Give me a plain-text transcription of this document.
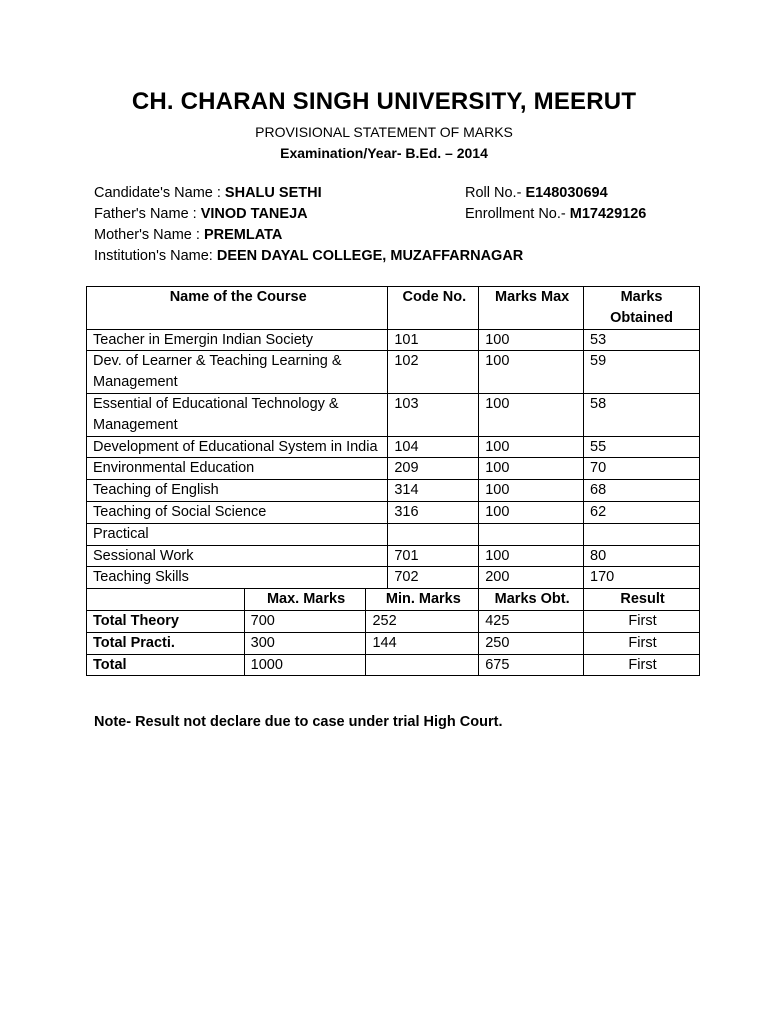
CH. CHARAN SINGH UNIVERSITY, MEERUT
PROVISIONAL STATEMENT OF MARKS
Examination/Year- B.Ed. – 2014
Candidate's Name : SHALU SETHI	Roll No.- E148030694
Father's Name : VINOD TANEJA	Enrollment No.- M17429126
Mother's Name : PREMLATA
Institution's Name: DEEN DAYAL COLLEGE, MUZAFFARNAGAR
Name of the Course			Code No.	Marks Max	Marks Obtained
Teacher in Emergin Indian Society			101	100	53
Dev. of Learner & Teaching Learning & Management			102	100	59
Essential of Educational Technology & Management			103	100	58
Development of Educational System in India			104	100	55
Environmental Education			209	100	70
Teaching of English			314	100	68
Teaching of Social Science			316	100	62
Practical					
Sessional Work			701	100	80
Teaching Skills			702	200	170
	Max. Marks	Min. Marks		Marks Obt.	Result
Total Theory	700	252		425	First
Total Practi.	300	144		250	First
Total	1000			675	First
Note- Result not declare due to case under trial High Court.
